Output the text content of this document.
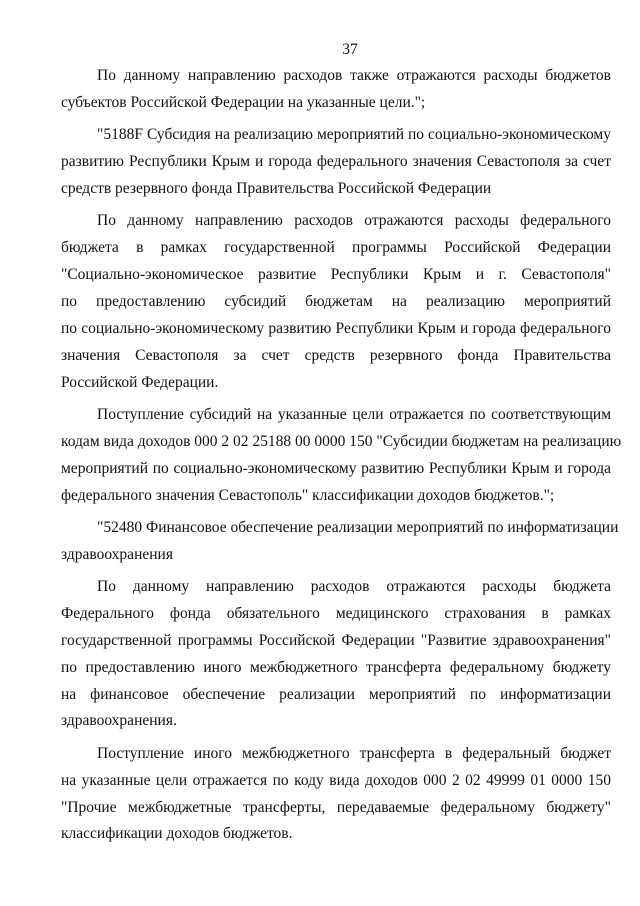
37
По данному направлению расходов также отражаются расходы бюджетов
субъектов Российской Федерации на указанные цели.";
"5188F Субсидия на реализацию мероприятий по социально-экономическому
развитию Республики Крым и города федерального значения Севастополя за счет
средств резервного фонда Правительства Российской Федерации
По данному направлению расходов отражаются расходы федерального
бюджета в рамках государственной программы Российской Федерации
"Социально-экономическое развитие Республики Крым и г. Севастополя"
по предоставлению субсидий бюджетам на реализацию мероприятий
по социально-экономическому развитию Республики Крым и города федерального
значения Севастополя за счет средств резервного фонда Правительства
Российской Федерации.
Поступление субсидий на указанные цели отражается по соответствующим
кодам вида доходов 000 2 02 25188 00 0000 150 "Субсидии бюджетам на реализацию
мероприятий по социально-экономическому развитию Республики Крым и города
федерального значения Севастополь" классификации доходов бюджетов.";
"52480 Финансовое обеспечение реализации мероприятий по информатизации
здравоохранения
По данному направлению расходов отражаются расходы бюджета
Федерального фонда обязательного медицинского страхования в рамках
государственной программы Российской Федерации "Развитие здравоохранения"
по предоставлению иного межбюджетного трансферта федеральному бюджету
на финансовое обеспечение реализации мероприятий по информатизации
здравоохранения.
Поступление иного межбюджетного трансферта в федеральный бюджет
на указанные цели отражается по коду вида доходов 000 2 02 49999 01 0000 150
"Прочие межбюджетные трансферты, передаваемые федеральному бюджету"
классификации доходов бюджетов.
